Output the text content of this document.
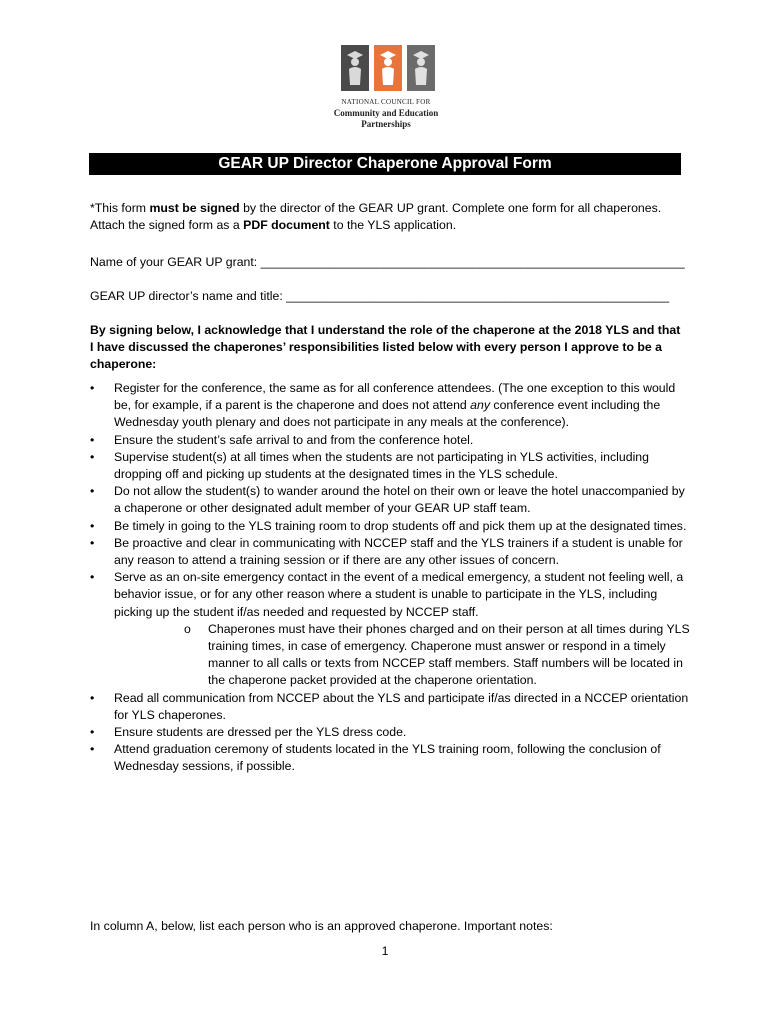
NATIONAL COUNCIL FOR
Community and Education
Partnerships
GEAR UP Director Chaperone Approval Form
*This form must be signed by the director of the GEAR UP grant. Complete one form for all chaperones. Attach the signed form as a PDF document to the YLS application.
Name of your GEAR UP grant: ______________________________________________________________
GEAR UP director’s name and title: ________________________________________________________
By signing below, I acknowledge that I understand the role of the chaperone at the 2018 YLS and that I have discussed the chaperones’ responsibilities listed below with every person I approve to be a chaperone:
•	Register for the conference, the same as for all conference attendees. (The one exception to this would be, for example, if a parent is the chaperone and does not attend any conference event including the Wednesday youth plenary and does not participate in any meals at the conference).
•	Ensure the student’s safe arrival to and from the conference hotel.
•	Supervise student(s) at all times when the students are not participating in YLS activities, including dropping off and picking up students at the designated times in the YLS schedule.
•	Do not allow the student(s) to wander around the hotel on their own or leave the hotel unaccompanied by a chaperone or other designated adult member of your GEAR UP staff team.
•	Be timely in going to the YLS training room to drop students off and pick them up at the designated times.
•	Be proactive and clear in communicating with NCCEP staff and the YLS trainers if a student is unable for any reason to attend a training session or if there are any other issues of concern.
•	Serve as an on-site emergency contact in the event of a medical emergency, a student not feeling well, a behavior issue, or for any other reason where a student is unable to participate in the YLS, including picking up the student if/as needed and requested by NCCEP staff.
o Chaperones must have their phones charged and on their person at all times during YLS training times, in case of emergency. Chaperone must answer or respond in a timely manner to all calls or texts from NCCEP staff members. Staff numbers will be located in the chaperone packet provided at the chaperone orientation.
•	Read all communication from NCCEP about the YLS and participate if/as directed in a NCCEP orientation for YLS chaperones.
•	Ensure students are dressed per the YLS dress code.
•	Attend graduation ceremony of students located in the YLS training room, following the conclusion of Wednesday sessions, if possible.
In column A, below, list each person who is an approved chaperone. Important notes:
1
